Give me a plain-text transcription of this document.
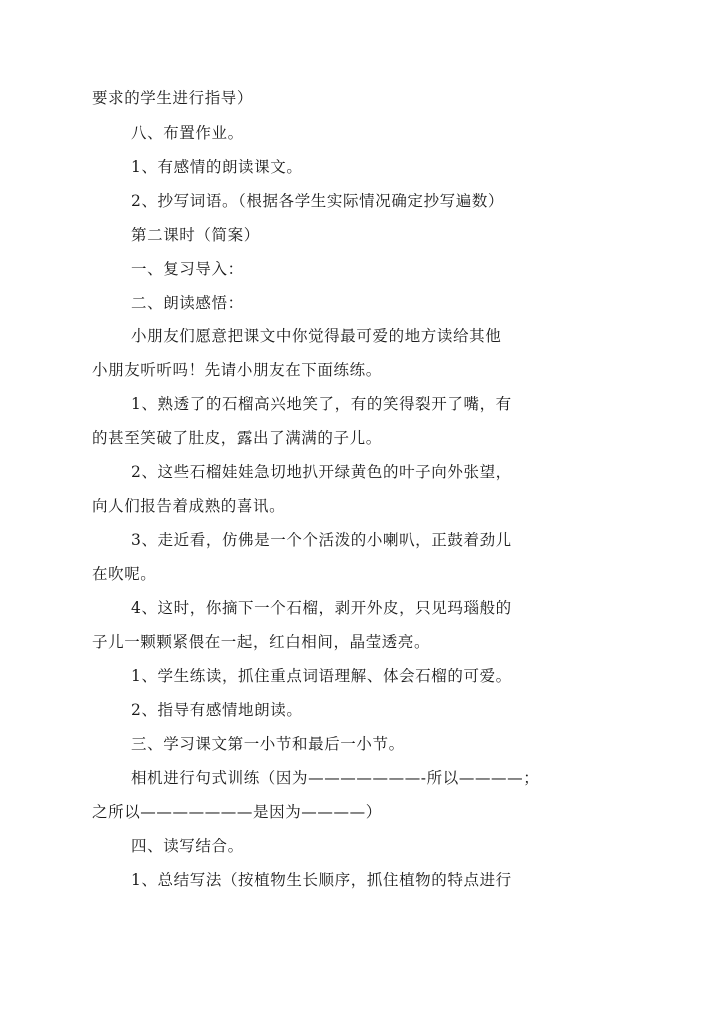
要求的学生进行指导）

八、布置作业。

1、有感情的朗读课文。

2、抄写词语。（根据各学生实际情况确定抄写遍数）

第二课时（简案）

一、复习导入：

二、朗读感悟：

小朋友们愿意把课文中你觉得最可爱的地方读给其他

小朋友听听吗！先请小朋友在下面练练。

1、熟透了的石榴高兴地笑了，有的笑得裂开了嘴，有

的甚至笑破了肚皮，露出了满满的子儿。

2、这些石榴娃娃急切地扒开绿黄色的叶子向外张望，

向人们报告着成熟的喜讯。

3、走近看，仿佛是一个个活泼的小喇叭，正鼓着劲儿

在吹呢。

4、这时，你摘下一个石榴，剥开外皮，只见玛瑙般的

子儿一颗颗紧偎在一起，红白相间，晶莹透亮。

1、学生练读，抓住重点词语理解、体会石榴的可爱。

2、指导有感情地朗读。

三、学习课文第一小节和最后一小节。

相机进行句式训练（因为———————-所以————；

之所以———————是因为————）

四、读写结合。

1、总结写法（按植物生长顺序，抓住植物的特点进行
